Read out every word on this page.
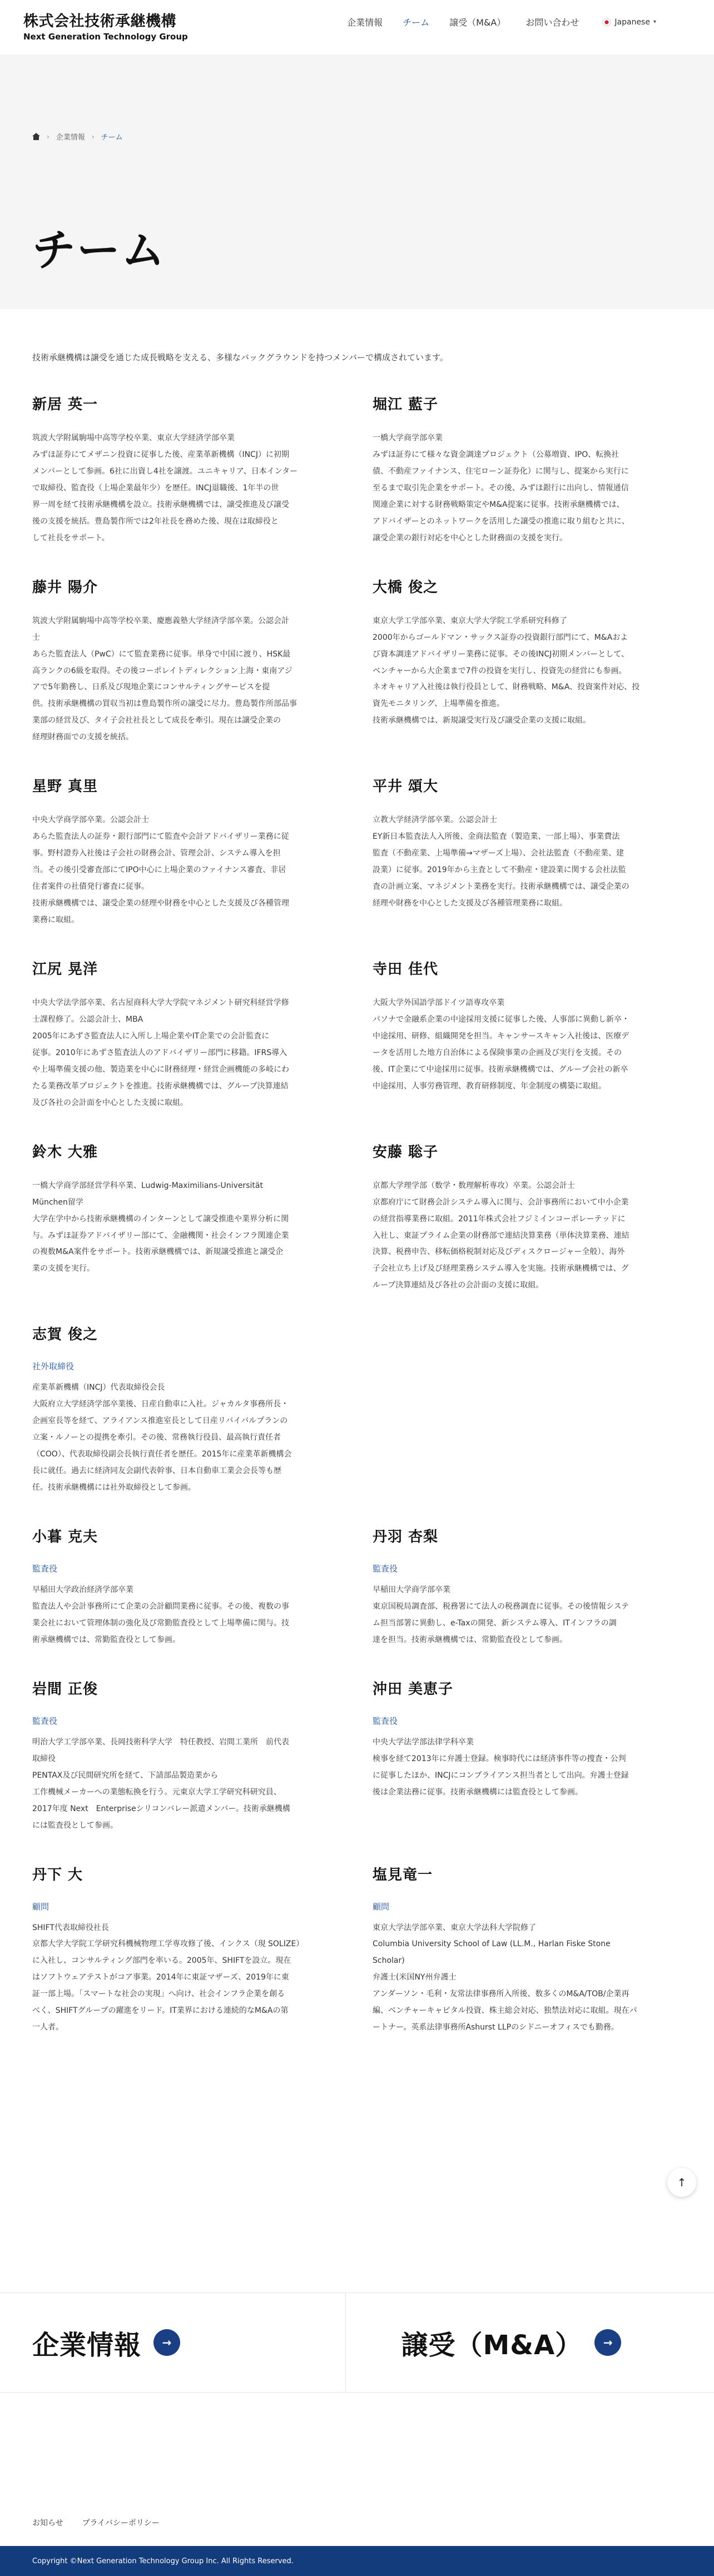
株式会社技術承継機構
Next Generation Technology Group
企業情報 チーム 譲受（M&A） お問い合わせ	Japanese ▾
› 企業情報 › チーム
チーム

技術承継機構は譲受を通じた成長戦略を支える、多様なバックグラウンドを持つメンバーで構成されています。

新居 英一
筑波大学附属駒場中高等学校卒業、東京大学経済学部卒業
みずほ証券にてメザニン投資に従事した後、産業革新機構（INCJ）に初期
メンバーとして参画。6社に出資し4社を譲渡。ユニキャリア、日本インター
で取締役、監査役（上場企業最年少）を歴任。INCJ退職後、1年半の世
界一周を経て技術承継機構を設立。技術承継機構では、譲受推進及び譲受
後の支援を統括。豊島製作所では2年社長を務めた後、現在は取締役と
して社長をサポート。
堀江 藍子
一橋大学商学部卒業
みずほ証券にて様々な資金調達プロジェクト（公募増資、IPO、転換社
債、不動産ファイナンス、住宅ローン証券化）に関与し、提案から実行に
至るまで取引先企業をサポート。その後、みずほ銀行に出向し、情報通信
関連企業に対する財務戦略策定やM&A提案に従事。技術承継機構では、
アドバイザーとのネットワークを活用した譲受の推進に取り組むと共に、
譲受企業の銀行対応を中心とした財務面の支援を実行。
藤井 陽介
筑波大学附属駒場中高等学校卒業、慶應義塾大学経済学部卒業。公認会計
士
あらた監査法人（PwC）にて監査業務に従事。単身で中国に渡り、HSK最
高ランクの6級を取得。その後コーポレイトディレクション上海・東南アジ
アで5年勤務し、日系及び現地企業にコンサルティングサービスを提
供。技術承継機構の買収当初は豊島製作所の譲受に尽力。豊島製作所部品事
業部の経営及び、タイ子会社社長として成長を牽引。現在は譲受企業の
経理財務面での支援を統括。
大橋 俊之
東京大学工学部卒業、東京大学大学院工学系研究科修了
2000年からゴールドマン・サックス証券の投資銀行部門にて、M&Aおよ
び資本調達アドバイザリー業務に従事。その後INCJ初期メンバーとして、
ベンチャーから大企業まで7件の投資を実行し、投資先の経営にも参画。
ネオキャリア入社後は執行役員として、財務戦略、M&A、投資案件対応、投
資先モニタリング、上場準備を推進。
技術承継機構では、新規譲受実行及び譲受企業の支援に取組。
星野 真里
中央大学商学部卒業。公認会計士
あらた監査法人の証券・銀行部門にて監査や会計アドバイザリー業務に従
事。野村證券入社後は子会社の財務会計、管理会計、システム導入を担
当。その後引受審査部にてIPO中心に上場企業のファイナンス審査、非居
住者案件の社債発行審査に従事。
技術承継機構では、譲受企業の経理や財務を中心とした支援及び各種管理
業務に取組。
平井 頌大
立教大学経済学部卒業。公認会計士
EY新日本監査法人入所後、金商法監査（製造業、一部上場）、事業費法
監査（不動産業、上場準備→マザーズ上場）、会社法監査（不動産業、建
設業）に従事。2019年から主査として不動産・建設業に関する会社法監
査の計画立案、マネジメント業務を実行。技術承継機構では、譲受企業の
経理や財務を中心とした支援及び各種管理業務に取組。
江尻 晃洋
中央大学法学部卒業、名古屋商科大学大学院マネジメント研究科経営学修
士課程修了。公認会計士、MBA
2005年にあずさ監査法人に入所し上場企業やIT企業での会計監査に
従事。2010年にあずさ監査法人のアドバイザリー部門に移籍。IFRS導入
や上場準備支援の他、製造業を中心に財務経理・経営企画機能の多岐にわ
たる業務改革プロジェクトを推進。技術承継機構では、グループ決算連結
及び各社の会計面を中心とした支援に取組。
寺田 佳代
大阪大学外国語学部ドイツ語専攻卒業
パソナで金融系企業の中途採用支援に従事した後、人事部に異動し新卒・
中途採用、研修、組織開発を担当。キャンサースキャン入社後は、医療デ
ータを活用した地方自治体による保険事業の企画及び実行を支援。その
後、IT企業にて中途採用に従事。技術承継機構では、グループ会社の新卒
中途採用、人事労務管理、教育研修制度、年金制度の構築に取組。
鈴木 大雅
一橋大学商学部経営学科卒業、Ludwig-Maximilians-Universität
München留学
大学在学中から技術承継機構のインターンとして譲受推進や業界分析に関
与。みずほ証券アドバイザリー部にて、金融機関・社会インフラ関連企業
の複数M&A案件をサポート。技術承継機構では、新規譲受推進と譲受企
業の支援を実行。
安藤 聡子
京都大学理学部（数学・数理解析専攻）卒業。公認会計士
京都府庁にて財務会計システム導入に関与、会計事務所において中小企業
の経営指導業務に取組。2011年株式会社フジミインコーポレーテッドに
入社し、東証プライム企業の財務部で連結決算業務（単体決算業務、連結
決算、税務申告、移転価格税制対応及びディスクロージャー全般）、海外
子会社立ち上げ及び経理業務システム導入を実施。技術承継機構では、グ
ループ決算連結及び各社の会計面の支援に取組。
志賀 俊之
社外取締役
産業革新機構（INCJ）代表取締役会長
大阪府立大学経済学部卒業後、日産自動車に入社。ジャカルタ事務所長・
企画室長等を経て、アライアンス推進室長として日産リバイバルプランの
立案・ルノーとの提携を牽引。その後、常務執行役員、最高執行責任者
（COO）、代表取締役副会長執行責任者を歴任。2015年に産業革新機構会
長に就任。過去に経済同友会副代表幹事、日本自動車工業会会長等も歴
任。技術承継機構には社外取締役として参画。
小暮 克夫
監査役
早稲田大学政治経済学部卒業
監査法人や会計事務所にて企業の会計顧問業務に従事。その後、複数の事
業会社において管理体制の強化及び常勤監査役として上場準備に関与。技
術承継機構では、常勤監査役として参画。
丹羽 杏梨
監査役
早稲田大学商学部卒業
東京国税局調査部、税務署にて法人の税務調査に従事。その後情報システ
ム担当部署に異動し、e-Taxの開発、新システム導入、ITインフラの調
達を担当。技術承継機構では、常勤監査役として参画。
岩間 正俊
監査役
明治大学工学部卒業、長岡技術科学大学　特任教授、岩間工業所　前代表
取締役
PENTAX及び民間研究所を経て、下請部品製造業から
工作機械メーカーへの業態転換を行う。元東京大学工学研究科研究員、
2017年度 Next　Enterpriseシリコンバレー派遣メンバー。技術承継機構
には監査役として参画。
沖田 美恵子
監査役
中央大学法学部法律学科卒業
検事を経て2013年に弁護士登録。検事時代には経済事件等の捜査・公判
に従事したほか、INCJにコンプライアンス担当者として出向。弁護士登録
後は企業法務に従事。技術承継機構には監査役として参画。
丹下 大
顧問
SHIFT代表取締役社長
京都大学大学院工学研究科機械物理工学専攻修了後、インクス（現 SOLIZE）
に入社し、コンサルティング部門を率いる。2005年、SHIFTを設立。現在
はソフトウェアテストがコア事業。2014年に東証マザーズ、2019年に東
証一部上場。「スマートな社会の実現」へ向け、社会インフラ企業を創る
べく、SHIFTグループの躍進をリード。IT業界における連続的なM&Aの第
一人者。
塩見竜一
顧問
東京大学法学部卒業、東京大学法科大学院修了
Columbia University School of Law (LL.M., Harlan Fiske Stone
Scholar)
弁護士(米国NY州弁護士
アンダーソン・毛利・友常法律事務所入所後、数多くのM&A/TOB/企業再
編、ベンチャーキャピタル投資、株主総会対応、独禁法対応に取組。現在パ
ートナー。英系法律事務所Ashurst LLPのシドニーオフィスでも勤務。
↑
企業情報	→	譲受（M&A）	→
お知らせ プライバシーポリシー
Copyright ©Next Generation Technology Group Inc. All Rights Reserved.
